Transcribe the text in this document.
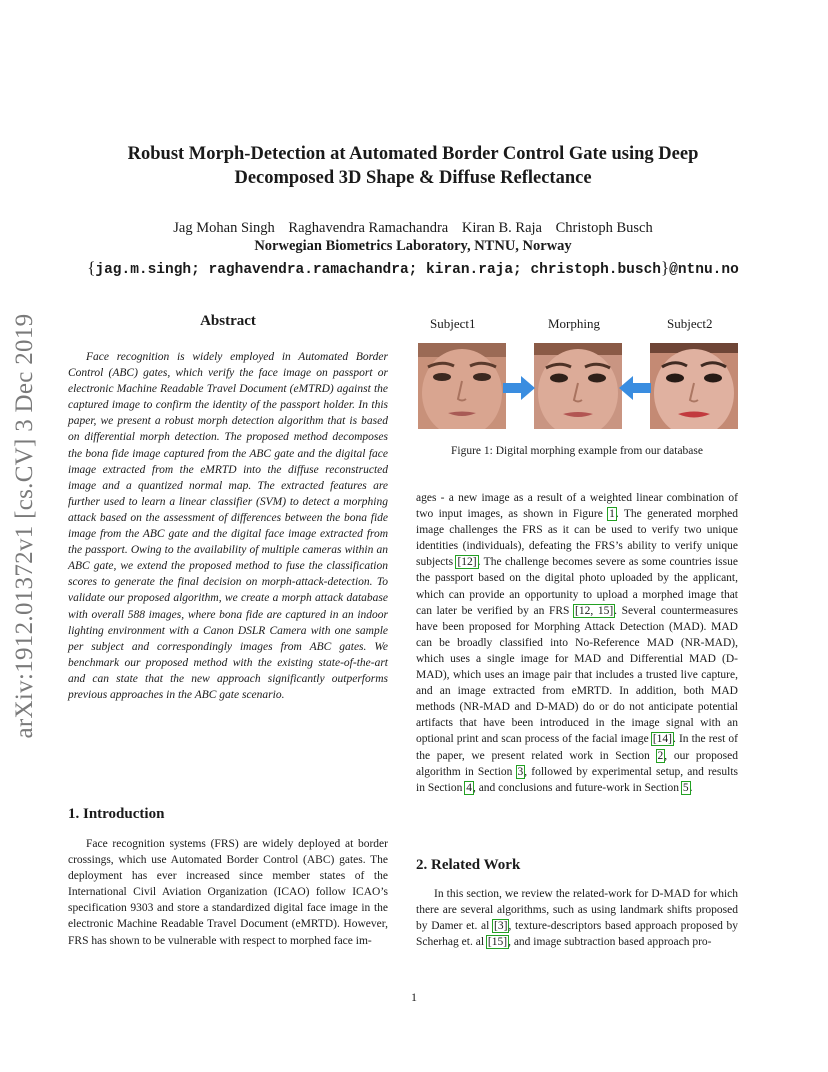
arXiv:1912.01372v1 [cs.CV] 3 Dec 2019
Robust Morph-Detection at Automated Border Control Gate using Deep
Decomposed 3D Shape & Diffuse Reflectance
Jag Mohan Singh Raghavendra Ramachandra Kiran B. Raja Christoph Busch
Norwegian Biometrics Laboratory, NTNU, Norway
{jag.m.singh; raghavendra.ramachandra; kiran.raja; christoph.busch}@ntnu.no
Abstract
Face recognition is widely employed in Automated Border Control (ABC) gates, which verify the face image on passport or electronic Machine Readable Travel Document (eMTRD) against the captured image to confirm the identity of the passport holder. In this paper, we present a robust morph detection algorithm that is based on differential morph detection. The proposed method decomposes the bona fide image captured from the ABC gate and the digital face image extracted from the eMRTD into the diffuse reconstructed image and a quantized normal map. The extracted features are further used to learn a linear classifier (SVM) to detect a morphing attack based on the assessment of differences between the bona fide image from the ABC gate and the digital face image extracted from the passport. Owing to the availability of multiple cameras within an ABC gate, we extend the proposed method to fuse the classification scores to generate the final decision on morph-attack-detection. To validate our proposed algorithm, we create a morph attack database with overall 588 images, where bona fide are captured in an indoor lighting environment with a Canon DSLR Camera with one sample per subject and correspondingly images from ABC gates. We benchmark our proposed method with the existing state-of-the-art and can state that the new approach significantly outperforms previous approaches in the ABC gate scenario.
1. Introduction
Face recognition systems (FRS) are widely deployed at border crossings, which use Automated Border Control (ABC) gates. The deployment has ever increased since member states of the International Civil Aviation Organization (ICAO) follow ICAO’s specification 9303 and store a standardized digital face image in the electronic Machine Readable Travel Document (eMRTD). However, FRS has shown to be vulnerable with respect to morphed face im-
Subject1	Morphing	Subject2
Figure 1: Digital morphing example from our database
ages - a new image as a result of a weighted linear combination of two input images, as shown in Figure 1. The generated morphed image challenges the FRS as it can be used to verify two unique identities (individuals), defeating the FRS’s ability to verify unique subjects [12]. The challenge becomes severe as some countries issue the passport based on the digital photo uploaded by the applicant, which can provide an opportunity to upload a morphed image that can later be verified by an FRS [12, 15]. Several countermeasures have been proposed for Morphing Attack Detection (MAD). MAD can be broadly classified into No-Reference MAD (NR-MAD), which uses a single image for MAD and Differential MAD (D-MAD), which uses an image pair that includes a trusted live capture, and an image extracted from eMRTD. In addition, both MAD methods (NR-MAD and D-MAD) do or do not anticipate potential artifacts that have been introduced in the image signal with an optional print and scan process of the facial image [14]. In the rest of the paper, we present related work in Section 2, our proposed algorithm in Section 3, followed by experimental setup, and results in Section 4, and conclusions and future-work in Section 5.
2. Related Work
In this section, we review the related-work for D-MAD for which there are several algorithms, such as using landmark shifts proposed by Damer et. al [3], texture-descriptors based approach proposed by Scherhag et. al [15], and image subtraction based approach pro-
1
